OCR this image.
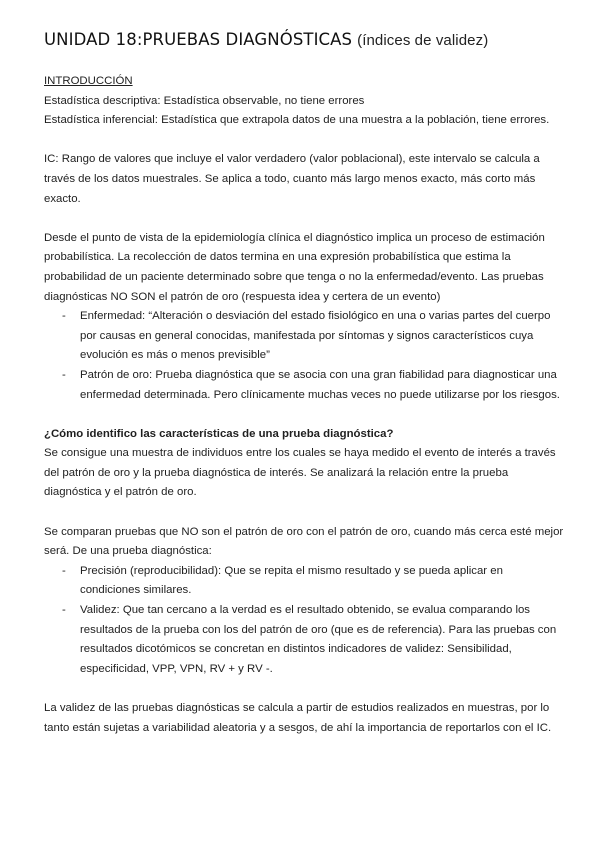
UNIDAD 18:PRUEBAS DIAGNÓSTICAS (índices de validez)

INTRODUCCIÓN

Estadística descriptiva: Estadística observable, no tiene errores

Estadística inferencial: Estadística que extrapola datos de una muestra a la población, tiene errores.

IC: Rango de valores que incluye el valor verdadero (valor poblacional), este intervalo se calcula a través de los datos muestrales. Se aplica a todo, cuanto más largo menos exacto, más corto más exacto.

Desde el punto de vista de la epidemiología clínica el diagnóstico implica un proceso de estimación probabilística. La recolección de datos termina en una expresión probabilística que estima la probabilidad de un paciente determinado sobre que tenga o no la enfermedad/evento. Las pruebas diagnósticas NO SON el patrón de oro (respuesta idea y certera de un evento)

- Enfermedad: “Alteración o desviación del estado fisiológico en una o varias partes del cuerpo por causas en general conocidas, manifestada por síntomas y signos característicos cuya evolución es más o menos previsible”
- Patrón de oro: Prueba diagnóstica que se asocia con una gran fiabilidad para diagnosticar una enfermedad determinada. Pero clínicamente muchas veces no puede utilizarse por los riesgos.

¿Cómo identifico las características de una prueba diagnóstica?

Se consigue una muestra de individuos entre los cuales se haya medido el evento de interés a través del patrón de oro y la prueba diagnóstica de interés. Se analizará la relación entre la prueba diagnóstica y el patrón de oro.

Se comparan pruebas que NO son el patrón de oro con el patrón de oro, cuando más cerca esté mejor será. De una prueba diagnóstica:

- Precisión (reproducibilidad): Que se repita el mismo resultado y se pueda aplicar en condiciones similares.
- Validez: Que tan cercano a la verdad es el resultado obtenido, se evalua comparando los resultados de la prueba con los del patrón de oro (que es de referencia). Para las pruebas con resultados dicotómicos se concretan en distintos indicadores de validez: Sensibilidad, especificidad, VPP, VPN, RV + y RV -.

La validez de las pruebas diagnósticas se calcula a partir de estudios realizados en muestras, por lo tanto están sujetas a variabilidad aleatoria y a sesgos, de ahí la importancia de reportarlos con el IC.
